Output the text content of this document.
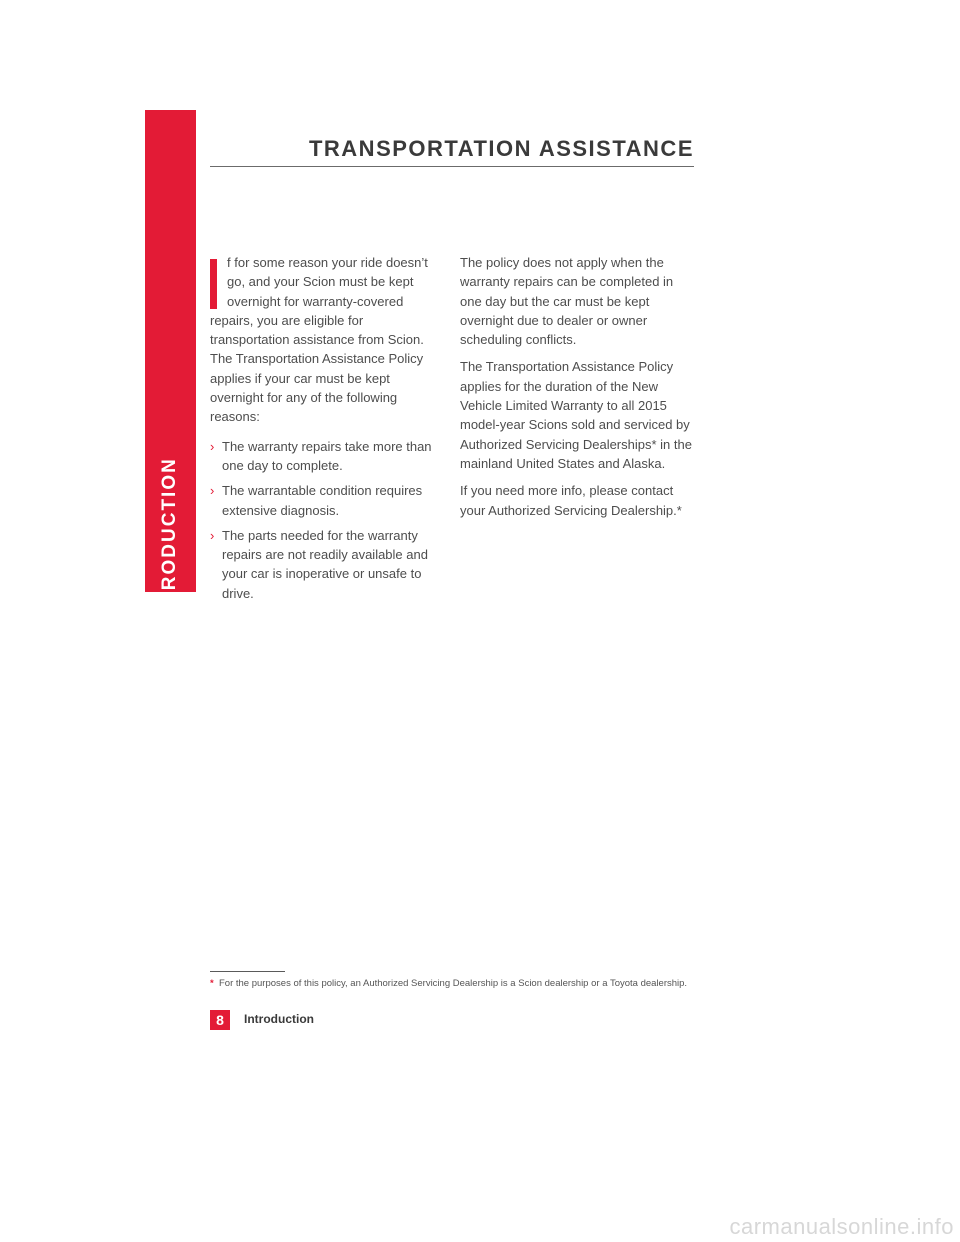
INTRODUCTION
TRANSPORTATION ASSISTANCE

f for some reason your ride doesn’t go, and your Scion must be kept overnight for warranty-covered repairs, you are eligible for transportation assistance from Scion. The Transportation Assistance Policy applies if your car must be kept overnight for any of the following reasons:

› The warranty repairs take more than one day to complete.
› The warrantable condition requires extensive diagnosis.
› The parts needed for the warranty repairs are not readily available and your car is inoperative or unsafe to drive.

The policy does not apply when the warranty repairs can be completed in one day but the car must be kept overnight due to dealer or owner scheduling conflicts.

The Transportation Assistance Policy applies for the duration of the New Vehicle Limited Warranty to all 2015 model-year Scions sold and serviced by Authorized Servicing Dealerships* in the mainland United States and Alaska.

If you need more info, please contact your Authorized Servicing Dealership.*

* For the purposes of this policy, an Authorized Servicing Dealership is a Scion dealership or a Toyota dealership.
8	Introduction
carmanualsonline.info
